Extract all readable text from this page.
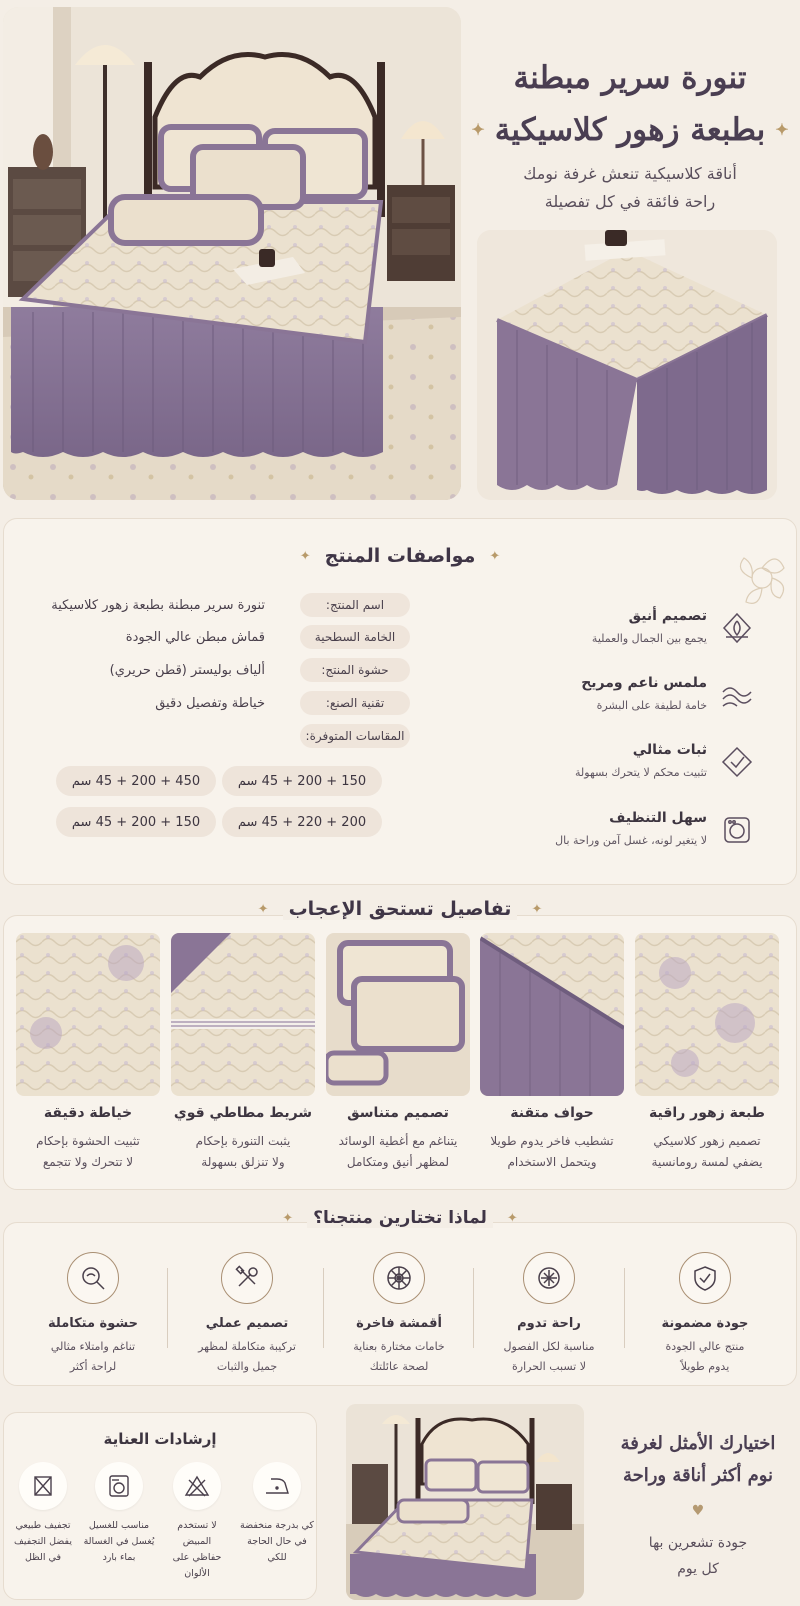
تنورة سرير مبطنة
✦
بطبعة زهور كلاسيكية
✦
أناقة كلاسيكية تنعش غرفة نومك
راحة فائقة في كل تفصيلة
✦
مواصفات المنتج
✦
اسم المنتج:
تنورة سرير مبطنة بطبعة زهور كلاسيكية
الخامة السطحية
قماش مبطن عالي الجودة
حشوة المنتج:
ألياف بوليستر (قطن حريري)
تقنية الصنع:
خياطة وتفصيل دقيق
المقاسات المتوفرة:
150 + 200 + 45 سم
450 + 200 + 45 سم
200 + 220 + 45 سم
150 + 200 + 45 سم
تصميم أنيق
يجمع بين الجمال والعملية
ملمس ناعم ومريح
خامة لطيفة على البشرة
ثبات مثالي
تثبيت محكم لا يتحرك بسهولة
سهل التنظيف
لا يتغير لونه، غسل آمن وراحة بال
✦
تفاصيل تستحق الإعجاب
✦
طبعة زهور راقية
تصميم زهور كلاسيكي
يضفي لمسة رومانسية
حواف متقنة
تشطيب فاخر يدوم طويلا
ويتحمل الاستخدام
تصميم متناسق
يتناغم مع أغطية الوسائد
لمظهر أنيق ومتكامل
شريط مطاطي قوي
يثبت التنورة بإحكام
ولا تنزلق بسهولة
خياطة دقيقة
تثبيت الحشوة بإحكام
لا تتحرك ولا تتجمع
✦
لماذا تختارين منتجنا؟
✦
جودة مضمونة
منتج عالي الجودة
يدوم طويلاً
راحة تدوم
مناسبة لكل الفصول
لا تسبب الحرارة
أقمشة فاخرة
خامات مختارة بعناية
لصحة عائلتك
تصميم عملي
تركيبة متكاملة لمظهر
جميل والثبات
حشوة متكاملة
تناغم وامتلاء مثالي
لراحة أكثر
إرشادات العناية
كي بدرجة منخفضة
في حال الحاجة
للكي
لا تستخدم
المبيض
حفاظي على الألوان
مناسب للغسيل
يُغسل في الغسالة
بماء بارد
تجفيف طبيعي
يفضل التجفيف
في الظل
اختيارك الأمثل لغرفة
نوم أكثر أناقة وراحة
♥
جودة تشعرين بها
كل يوم
